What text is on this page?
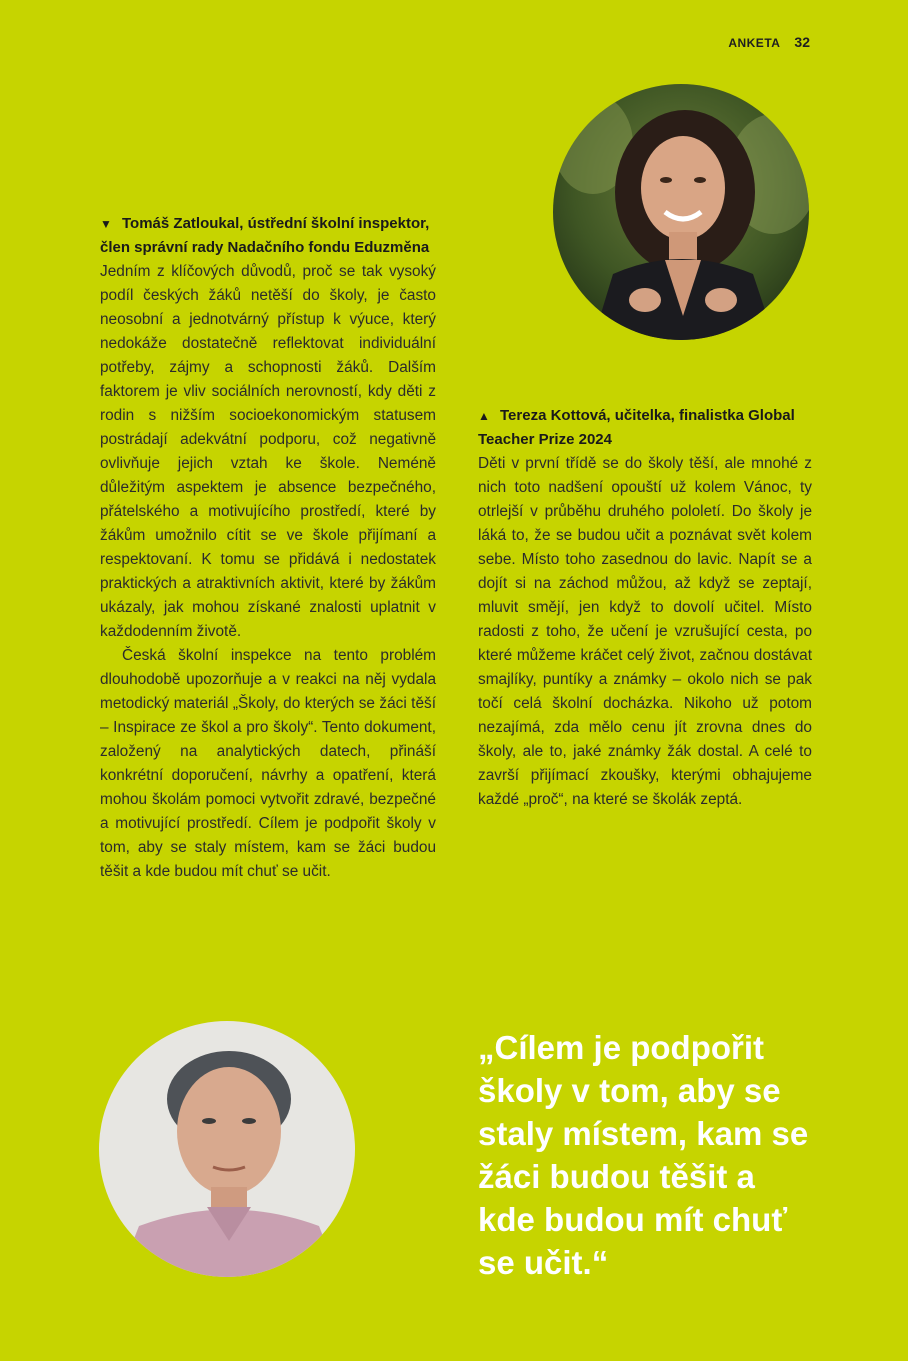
ANKETA 32

▼ Tomáš Zatloukal, ústřední školní inspektor, člen správní rady Nadačního fondu Eduzměna

Jedním z klíčových důvodů, proč se tak vysoký podíl českých žáků netěší do školy, je často neosobní a jednotvárný přístup k výuce, který nedokáže dostatečně reflektovat individuální potřeby, zájmy a schopnosti žáků. Dalším faktorem je vliv sociálních nerovností, kdy děti z rodin s nižším socioekonomickým statusem postrádají adekvátní podporu, což negativně ovlivňuje jejich vztah ke škole. Neméně důležitým aspektem je absence bezpečného, přátelského a motivujícího prostředí, které by žákům umožnilo cítit se ve škole přijímaní a respektovaní. K tomu se přidává i nedostatek praktických a atraktivních aktivit, které by žákům ukázaly, jak mohou získané znalosti uplatnit v každodenním životě.

Česká školní inspekce na tento problém dlouhodobě upozorňuje a v reakci na něj vydala metodický materiál „Školy, do kterých se žáci těší – Inspirace ze škol a pro školy“. Tento dokument, založený na analytických datech, přináší konkrétní doporučení, návrhy a opatření, která mohou školám pomoci vytvořit zdravé, bezpečné a motivující prostředí. Cílem je podpořit školy v tom, aby se staly místem, kam se žáci budou těšit a kde budou mít chuť se učit.

▲ Tereza Kottová, učitelka, finalistka Global Teacher Prize 2024

Děti v první třídě se do školy těší, ale mnohé z nich toto nadšení opouští už kolem Vánoc, ty otrlejší v průběhu druhého pololetí. Do školy je láká to, že se budou učit a poznávat svět kolem sebe. Místo toho zasednou do lavic. Napít se a dojít si na záchod můžou, až když se zeptají, mluvit smějí, jen když to dovolí učitel. Místo radosti z toho, že učení je vzrušující cesta, po které můžeme kráčet celý život, začnou dostávat smajlíky, puntíky a známky – okolo nich se pak točí celá školní docházka. Nikoho už potom nezajímá, zda mělo cenu jít zrovna dnes do školy, ale to, jaké známky žák dostal. A celé to završí přijímací zkoušky, kterými obhajujeme každé „proč“, na které se školák zeptá.

„Cílem je podpořit školy v tom, aby se staly místem, kam se žáci budou těšit a kde budou mít chuť se učit.“
